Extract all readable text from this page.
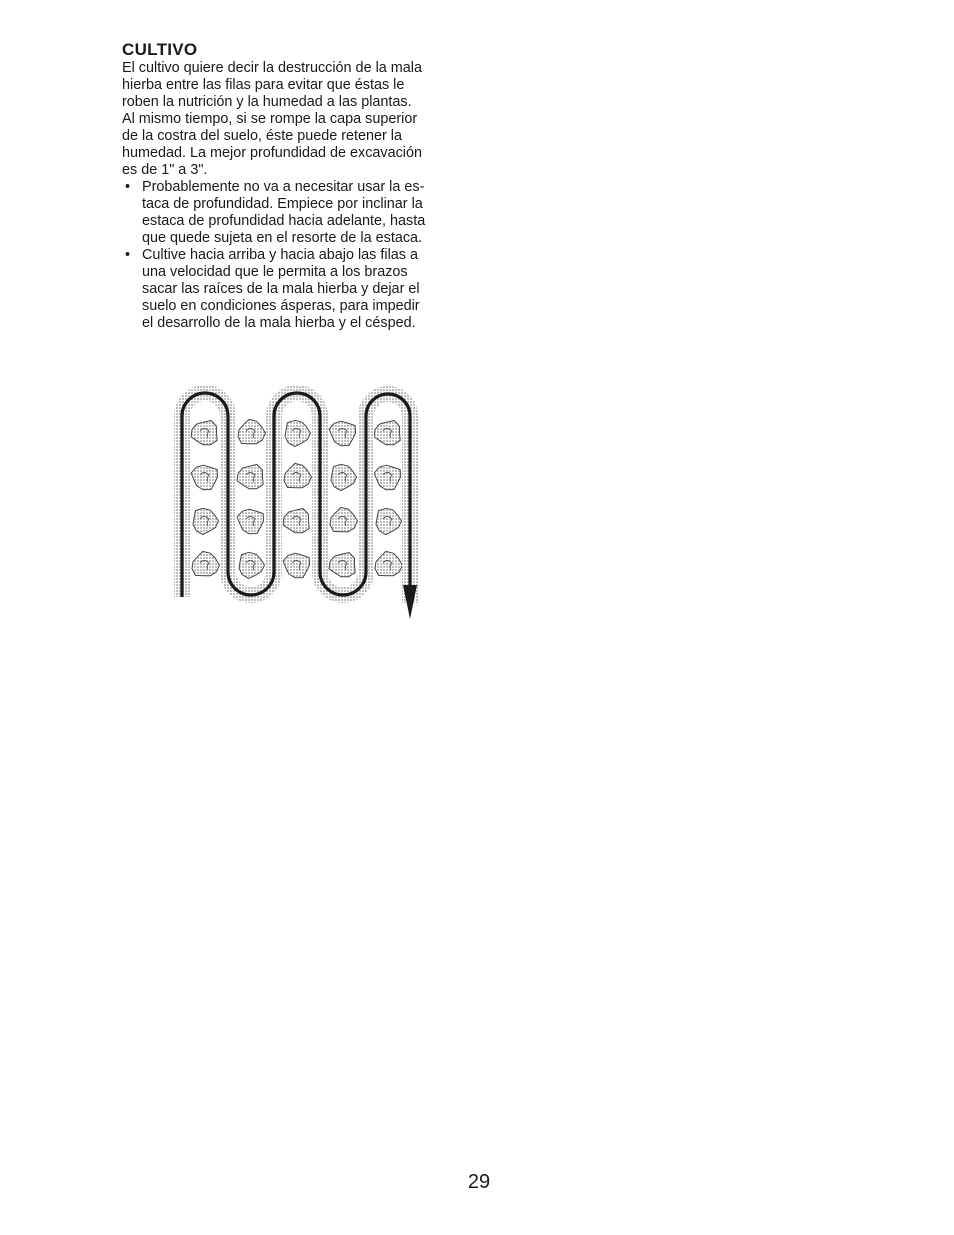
CULTIVO
El cultivo quiere decir la destrucción de la mala
hierba entre las filas para evitar que éstas le
roben la nutrición y la humedad a las plantas.
Al mismo tiempo, si se rompe la capa superior
de la costra del suelo, éste puede retener la
humedad. La mejor profundidad de excavación
es de 1" a 3".
• Probablemente no va a necesitar usar la es-
taca de profundidad. Empiece por inclinar la
estaca de profundidad hacia adelante, hasta
que quede sujeta en el resorte de la estaca.
• Cultive hacia arriba y hacia abajo las filas a
una velocidad que le permita a los brazos
sacar las raíces de la mala hierba y dejar el
suelo en condiciones ásperas, para impedir
el desarrollo de la mala hierba y el césped.
29
